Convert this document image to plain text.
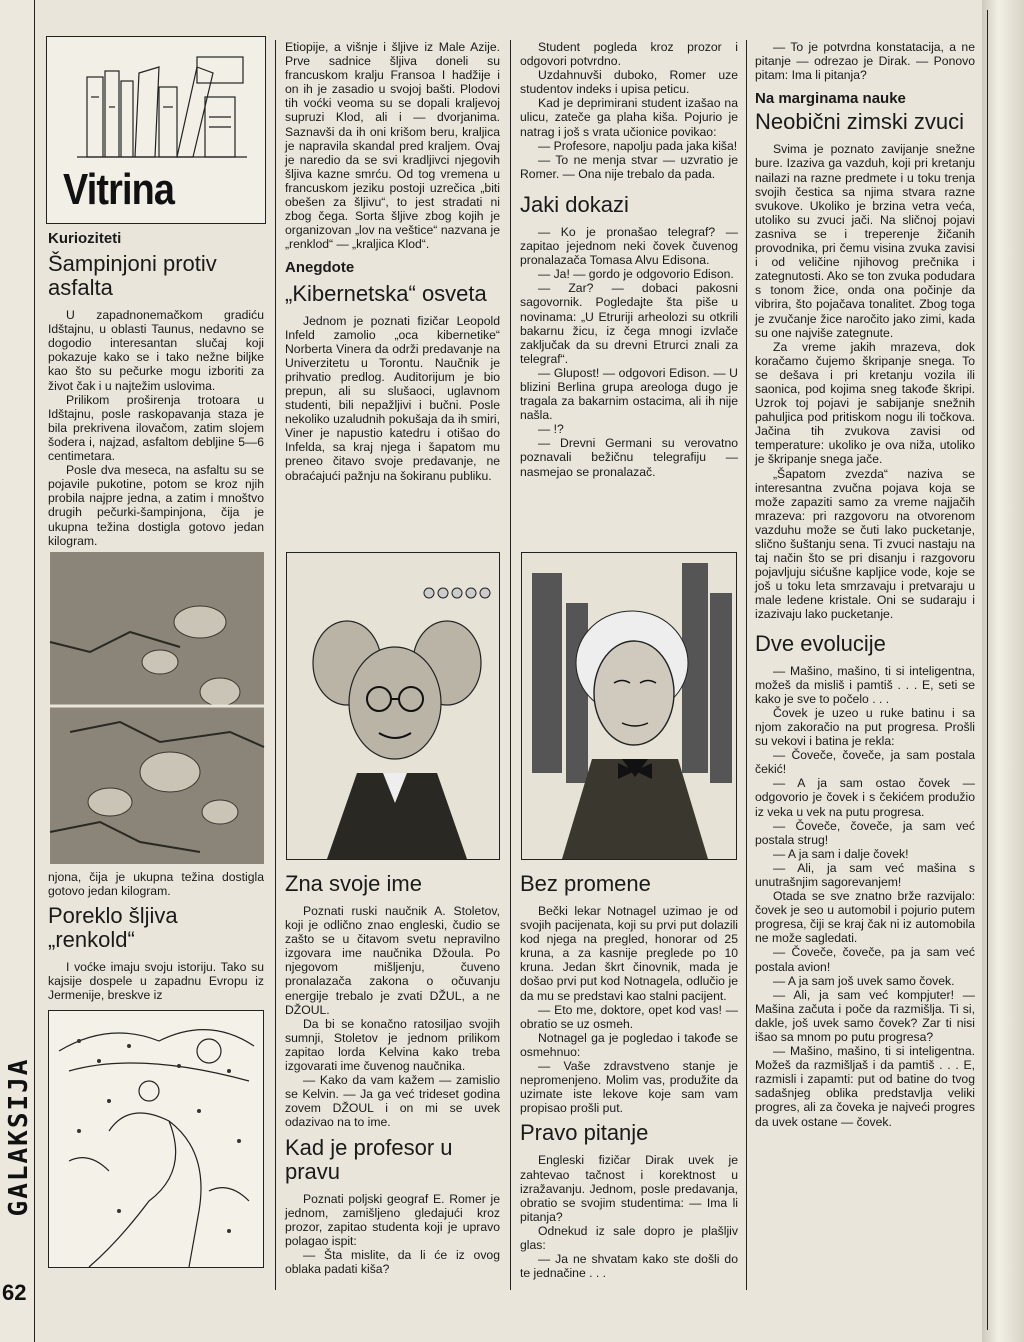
GALAKSIJA
62
Vitrina
Kurioziteti
Šampinjoni protiv asfalta

U zapadnonemačkom gradiću Idštajnu, u oblasti Taunus, nedavno se dogodio interesantan slučaj koji pokazuje kako se i tako nežne biljke kao što su pečurke mogu izboriti za život čak i u najtežim uslovima.

Prilikom proširenja trotoara u Idštajnu, posle raskopavanja staza je bila prekrivena ilovačom, zatim slojem šodera i, najzad, asfaltom debljine 5—6 centimetara.

Posle dva meseca, na asfaltu su se pojavile pukotine, potom se kroz njih probila najpre jedna, a zatim i mnoštvo drugih pečurki-šampinjona, čija je ukupna težina dostigla gotovo jedan kilogram.

njona, čija je ukupna težina dostigla gotovo jedan kilogram.

Poreklo šljiva „renkold“

I voćke imaju svoju istoriju. Tako su kajsije dospele u zapadnu Evropu iz Jermenije, breskve iz

Etiopije, a višnje i šljive iz Male Azije. Prve sadnice šljiva doneli su francuskom kralju Fransoa I hadžije i on ih je zasadio u svojoj bašti. Plodovi tih voćki veoma su se dopali kraljevoj supruzi Klod, ali i — dvorjanima. Saznavši da ih oni krišom beru, kraljica je napravila skandal pred kraljem. Ovaj je naredio da se svi kradljivci njegovih šljiva kazne smrću. Od tog vremena u francuskom jeziku postoji uzrečica „biti obešen za šljivu“, to jest stradati ni zbog čega. Sorta šljive zbog kojih je organizovan „lov na veštice“ nazvana je „renklod“ — „kraljica Klod“.

Anegdote
„Kibernetska“ osveta

Jednom je poznati fizičar Leopold Infeld zamolio „oca kibernetike“ Norberta Vinera da održi predavanje na Univerzitetu u Torontu. Naučnik je prihvatio predlog. Auditorijum je bio prepun, ali su slušaoci, uglavnom studenti, bili nepažljivi i bučni. Posle nekoliko uzaludnih pokušaja da ih smiri, Viner je napustio katedru i otišao do Infelda, sa kraj njega i šapatom mu preneo čitavo svoje predavanje, ne obraćajući pažnju na šokiranu publiku.

Zna svoje ime

Poznati ruski naučnik A. Stoletov, koji je odlično znao engleski, čudio se zašto se u čitavom svetu nepravilno izgovara ime naučnika Džoula. Po njegovom mišljenju, čuveno pronalazača zakona o očuvanju energije trebalo je zvati DŽUL, a ne DŽOUL.

Da bi se konačno ratosiljao svojih sumnji, Stoletov je jednom prilikom zapitao lorda Kelvina kako treba izgovarati ime čuvenog naučnika.

— Kako da vam kažem — zamislio se Kelvin. — Ja ga već trideset godina zovem DŽOUL i on mi se uvek odazivao na to ime.

Kad je profesor u pravu

Poznati poljski geograf E. Romer je jednom, zamišljeno gledajući kroz prozor, zapitao studenta koji je upravo polagao ispit:

— Šta mislite, da li će iz ovog oblaka padati kiša?

Student pogleda kroz prozor i odgovori potvrdno.

Uzdahnuvši duboko, Romer uze studentov indeks i upisa peticu.

Kad je deprimirani student izašao na ulicu, zateče ga plaha kiša. Pojurio je natrag i još s vrata učionice povikao:

— Profesore, napolju pada jaka kiša!

— To ne menja stvar — uzvratio je Romer. — Ona nije trebalo da pada.

Jaki dokazi

— Ko je pronašao telegraf? — zapitao jejednom neki čovek čuvenog pronalazača Tomasa Alvu Edisona.

— Ja! — gordo je odgovorio Edison.

— Zar? — dobaci pakosni sagovornik. Pogledajte šta piše u novinama: „U Etruriji arheolozi su otkrili bakarnu žicu, iz čega mnogi izvlače zaključak da su drevni Etrurci znali za telegraf“.

— Glupost! — odgovori Edison. — U blizini Berlina grupa areologa dugo je tragala za bakarnim ostacima, ali ih nije našla.

— !?

— Drevni Germani su verovatno poznavali bežičnu telegrafiju — nasmejao se pronalazač.

Bez promene

Bečki lekar Notnagel uzimao je od svojih pacijenata, koji su prvi put dolazili kod njega na pregled, honorar od 25 kruna, a za kasnije preglede po 10 kruna. Jedan škrt činovnik, mada je došao prvi put kod Notnagela, odlučio je da mu se predstavi kao stalni pacijent.

— Eto me, doktore, opet kod vas! — obratio se uz osmeh.

Notnagel ga je pogledao i takođe se osmehnuo:

— Vaše zdravstveno stanje je nepromenjeno. Molim vas, produžite da uzimate iste lekove koje sam vam propisao prošli put.

Pravo pitanje

Engleski fizičar Dirak uvek je zahtevao tačnost i korektnost u izražavanju. Jednom, posle predavanja, obratio se svojim studentima: — Ima li pitanja?

Odnekud iz sale dopro je plašljiv glas:

— Ja ne shvatam kako ste došli do te jednačine . . .

— To je potvrdna konstatacija, a ne pitanje — odrezao je Dirak. — Ponovo pitam: Ima li pitanja?

Na marginama nauke
Neobični zimski zvuci

Svima je poznato zavijanje snežne bure. Izaziva ga vazduh, koji pri kretanju nailazi na razne predmete i u toku trenja svojih čestica sa njima stvara razne svukove. Ukoliko je brzina vetra veća, utoliko su zvuci jači. Na sličnoj pojavi zasniva se i treperenje žičanih provodnika, pri čemu visina zvuka zavisi i od veličine njihovog prečnika i zategnutosti. Ako se ton zvuka podudara s tonom žice, onda ona počinje da vibrira, što pojačava tonalitet. Zbog toga je zvučanje žice naročito jako zimi, kada su one najviše zategnute.

Za vreme jakih mrazeva, dok koračamo čujemo škripanje snega. To se dešava i pri kretanju vozila ili saonica, pod kojima sneg takođe škripi. Uzrok toj pojavi je sabijanje snežnih pahuljica pod pritiskom nogu ili točkova. Jačina tih zvukova zavisi od temperature: ukoliko je ova niža, utoliko je škripanje snega jače.

„Šapatom zvezda“ naziva se interesantna zvučna pojava koja se može zapaziti samo za vreme najjačih mrazeva: pri razgovoru na otvorenom vazduhu može se čuti lako pucketanje, slično šuštanju sena. Ti zvuci nastaju na taj način što se pri disanju i razgovoru pojavljuju sićušne kapljice vode, koje se još u toku leta smrzavaju i pretvaraju u male ledene kristale. Oni se sudaraju i izazivaju lako pucketanje.

Dve evolucije

— Mašino, mašino, ti si inteligentna, možeš da misliš i pamtiš . . . E, seti se kako je sve to počelo . . .

Čovek je uzeo u ruke batinu i sa njom zakoračio na put progresa. Prošli su vekovi i batina je rekla:

— Čoveče, čoveče, ja sam postala čekić!

— A ja sam ostao čovek — odgovorio je čovek i s čekićem produžio iz veka u vek na putu progresa.

— Čoveče, čoveče, ja sam već postala strug!

— A ja sam i dalje čovek!

— Ali, ja sam već mašina s unutrašnjim sagorevanjem!

Otada se sve znatno brže razvijalo: čovek je seo u automobil i pojurio putem progresa, čiji se kraj čak ni iz automobila ne može sagledati.

— Čoveče, čoveče, pa ja sam već postala avion!

— A ja sam još uvek samo čovek.

— Ali, ja sam već kompjuter! — Mašina začuta i poče da razmišlja. Ti si, dakle, još uvek samo čovek? Zar ti nisi išao sa mnom po putu progresa?

— Mašino, mašino, ti si inteligentna. Možeš da razmišljaš i da pamtiš . . . E, razmisli i zapamti: put od batine do tvog sadašnjeg oblika predstavlja veliki progres, ali za čoveka je najveći progres da uvek ostane — čovek.
